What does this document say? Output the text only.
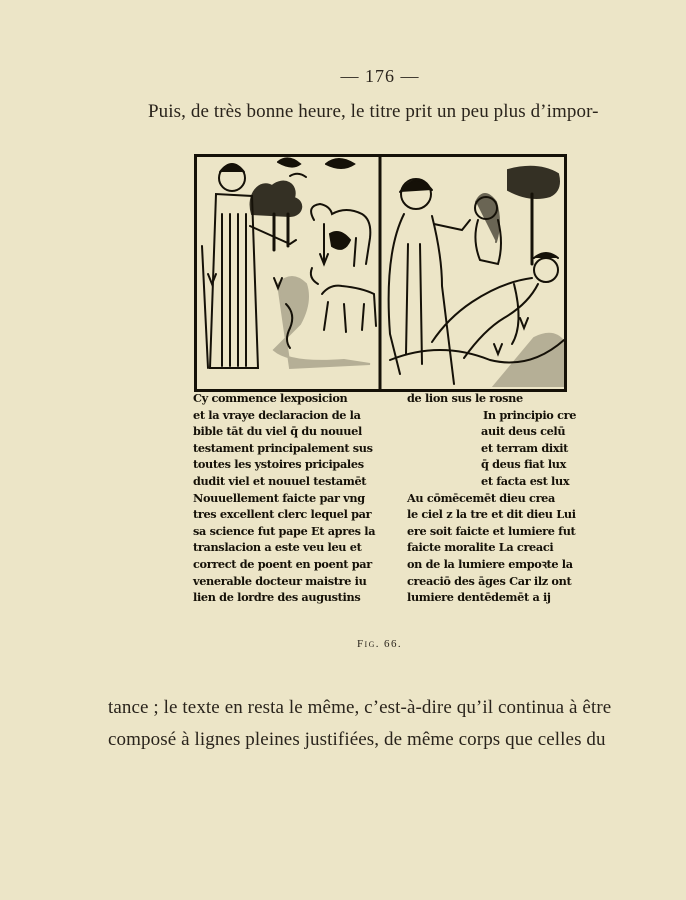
— 176 —
Puis, de très bonne heure, le titre prit un peu plus d’impor-
Cy commence lexposicion
et la vraye declaracion de la
bible tāt du viel q̄ du nouuel
testament principalement sus
toutes les ystoires pricipales
dudit viel et nouuel testamēt
Nouuellement faicte par vng
tres excellent clerc lequel par
sa science fut pape Et apres la
translacion a este veu leu et
correct de poent en poent par
venerable docteur maistre iu
lien de lordre des augustins
de lion sus le rosne
In principio cre
auit deus celū
et terram dixit
q̄ deus fiat lux
et facta est lux
Au cōmēcemēt dieu crea
le ciel z la tre et dit dieu Lui
ere soit faicte et lumiere fut
faicte moralite La creaci
on de la lumiere empoꝛte la
creaciō des āges Car ilz ont
lumiere dentēdemēt a ij
Fig. 66.
tance ; le texte en resta le même, c’est-à-dire qu’il continua à être
composé à lignes pleines justifiées, de même corps que celles du
